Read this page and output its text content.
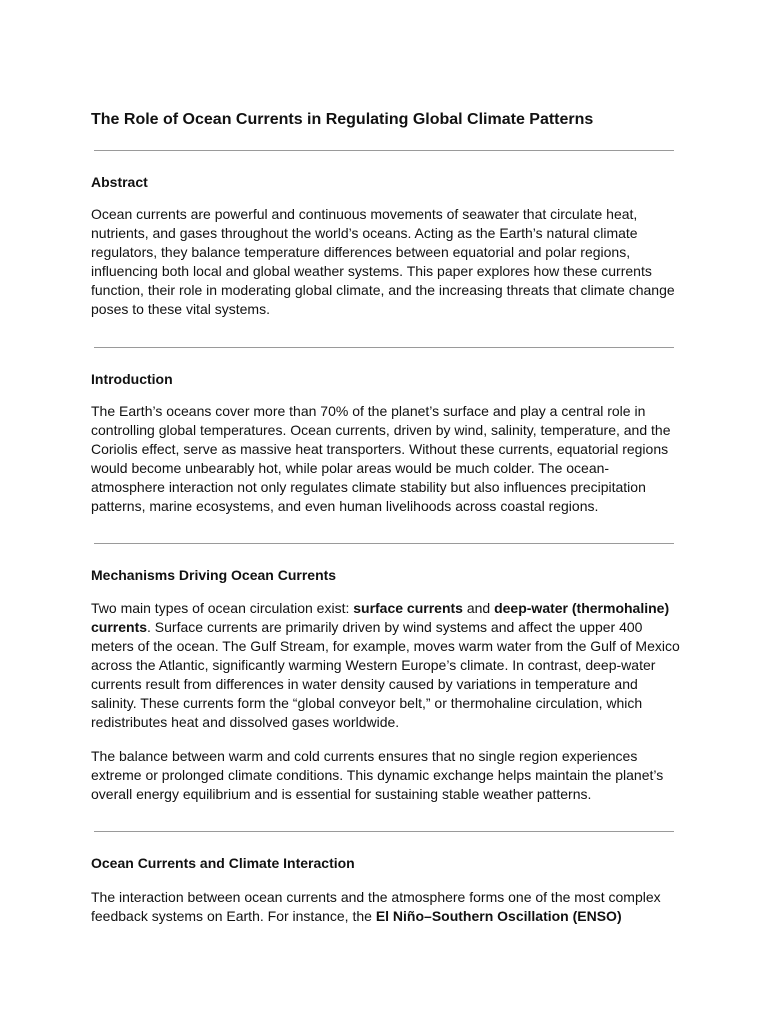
The Role of Ocean Currents in Regulating Global Climate Patterns
Abstract

Ocean currents are powerful and continuous movements of seawater that circulate heat, nutrients, and gases throughout the world’s oceans. Acting as the Earth’s natural climate regulators, they balance temperature differences between equatorial and polar regions, influencing both local and global weather systems. This paper explores how these currents function, their role in moderating global climate, and the increasing threats that climate change poses to these vital systems.

Introduction

The Earth’s oceans cover more than 70% of the planet’s surface and play a central role in controlling global temperatures. Ocean currents, driven by wind, salinity, temperature, and the Coriolis effect, serve as massive heat transporters. Without these currents, equatorial regions would become unbearably hot, while polar areas would be much colder. The ocean-atmosphere interaction not only regulates climate stability but also influences precipitation patterns, marine ecosystems, and even human livelihoods across coastal regions.

Mechanisms Driving Ocean Currents

Two main types of ocean circulation exist: surface currents and deep-water (thermohaline) currents. Surface currents are primarily driven by wind systems and affect the upper 400 meters of the ocean. The Gulf Stream, for example, moves warm water from the Gulf of Mexico across the Atlantic, significantly warming Western Europe’s climate. In contrast, deep-water currents result from differences in water density caused by variations in temperature and salinity. These currents form the “global conveyor belt,” or thermohaline circulation, which redistributes heat and dissolved gases worldwide.

The balance between warm and cold currents ensures that no single region experiences extreme or prolonged climate conditions. This dynamic exchange helps maintain the planet’s overall energy equilibrium and is essential for sustaining stable weather patterns.

Ocean Currents and Climate Interaction

The interaction between ocean currents and the atmosphere forms one of the most complex feedback systems on Earth. For instance, the El Niño–Southern Oscillation (ENSO)
